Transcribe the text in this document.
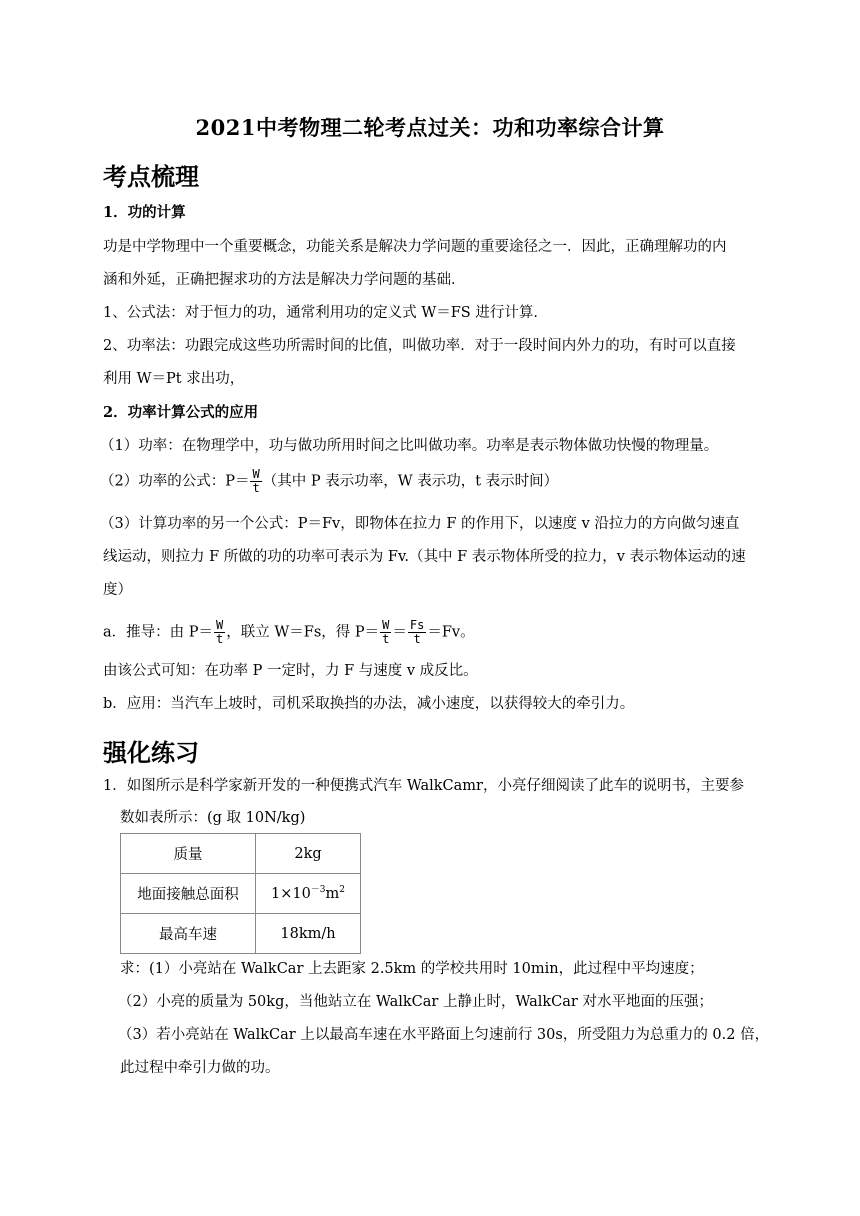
2021中考物理二轮考点过关：功和功率综合计算
考点梳理
1．功的计算
功是中学物理中一个重要概念，功能关系是解决力学问题的重要途径之一．因此，正确理解功的内
涵和外延，正确把握求功的方法是解决力学问题的基础．
1、公式法：对于恒力的功，通常利用功的定义式 W＝FS 进行计算．
2、功率法：功跟完成这些功所需时间的比值，叫做功率．对于一段时间内外力的功，有时可以直接
利用 W＝Pt 求出功，
2．功率计算公式的应用
（1）功率：在物理学中，功与做功所用时间之比叫做功率。功率是表示物体做功快慢的物理量。
（2）功率的公式：$P= \frac{W}{t}$ （其中 P 表示功率，W 表示功，t 表示时间）
（3）计算功率的另一个公式：P＝Fv，即物体在拉力 F 的作用下，以速度 v 沿拉力的方向做匀速直
线运动，则拉力 F 所做的功的功率可表示为 Fv.（其中 F 表示物体所受的拉力，v 表示物体运动的速
度）
a．推导：由 $P= \frac{W}{t}$ ，联立 W＝Fs，得 $P= \frac{W}{t} = \frac{Fs}{t} =Fv$。
由该公式可知：在功率 P 一定时，力 F 与速度 v 成反比。
b．应用：当汽车上坡时，司机采取换挡的办法，减小速度，以获得较大的牵引力。
强化练习
1．如图所示是科学家新开发的一种便携式汽车 WalkCamr，小亮仔细阅读了此车的说明书，主要参
数如表所示：(g 取 10N/kg)
质量	2kg
地面接触总面积	$1\times 10^{-3}m^2$
最高车速	18km/h
求：(1）小亮站在 WalkCar 上去距家 2.5km 的学校共用时 10min，此过程中平均速度；
（2）小亮的质量为 50kg，当他站立在 WalkCar 上静止时，WalkCar 对水平地面的压强；
（3）若小亮站在 WalkCar 上以最高车速在水平路面上匀速前行 30s，所受阻力为总重力的 0.2 倍，
此过程中牵引力做的功。
